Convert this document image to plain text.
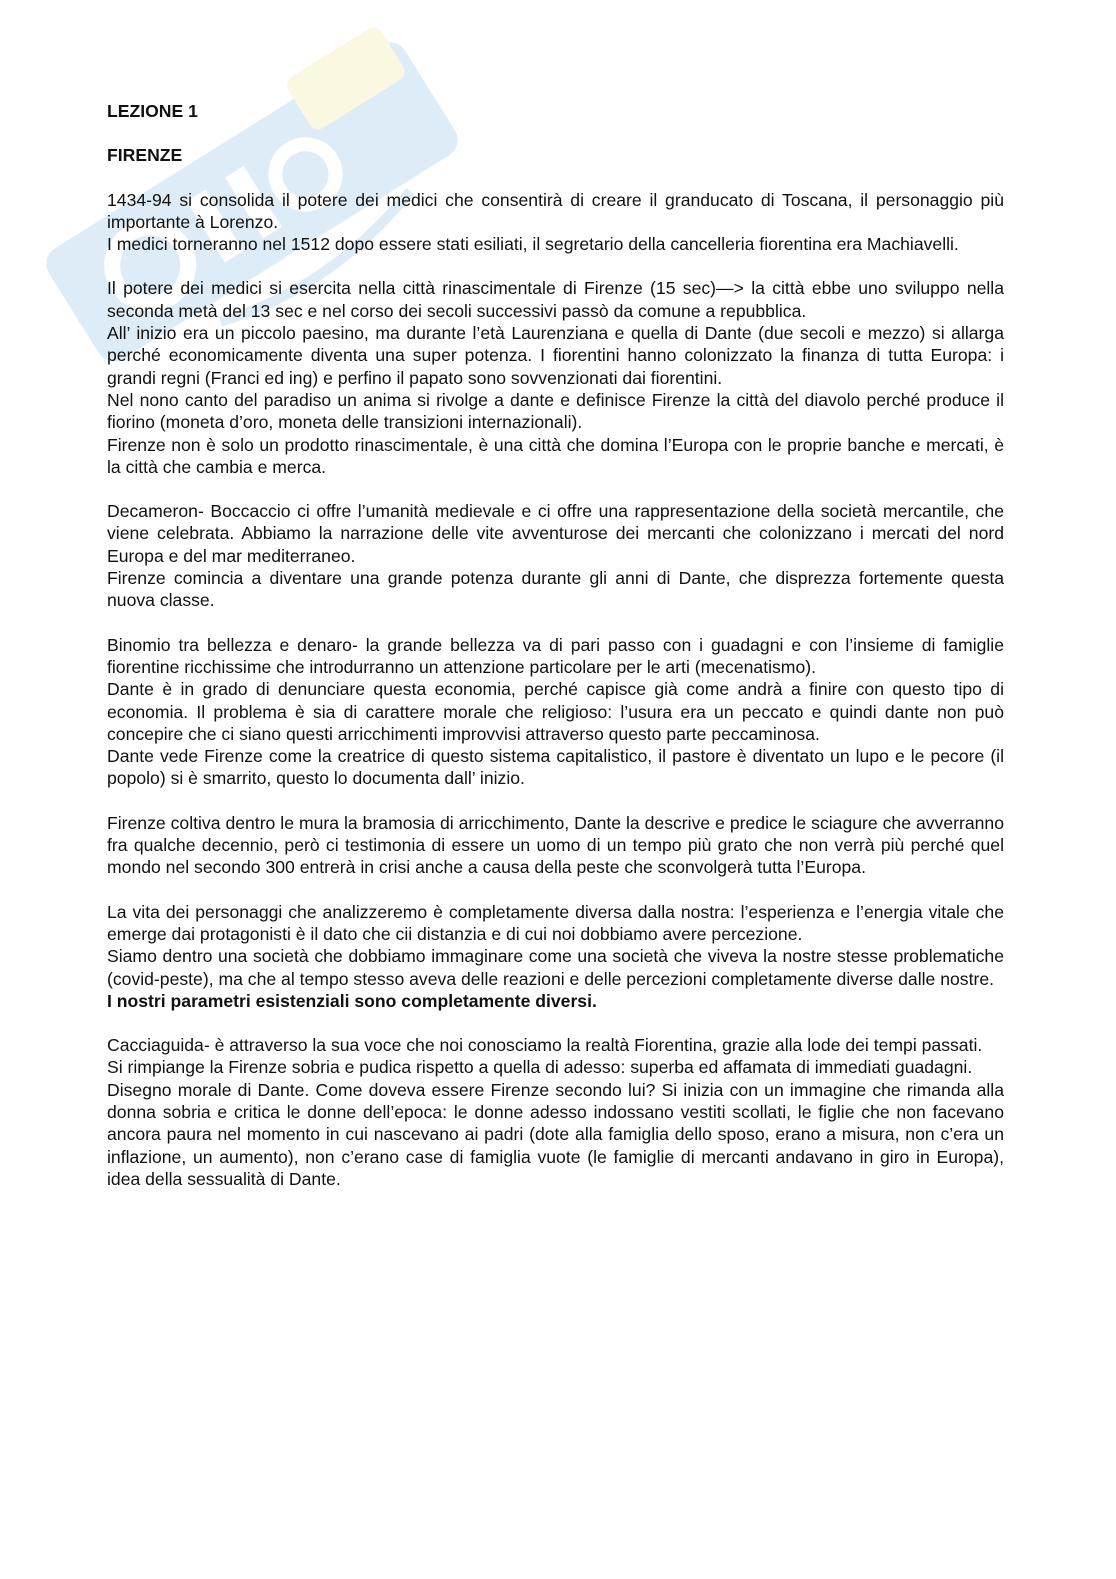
LEZIONE 1

FIRENZE

1434-94 si consolida il potere dei medici che consentirà di creare il granducato di Toscana, il personaggio più importante à Lorenzo.

I medici torneranno nel 1512 dopo essere stati esiliati, il segretario della cancelleria fiorentina era Machiavelli.

Il potere dei medici si esercita nella città rinascimentale di Firenze (15 sec)—> la città ebbe uno sviluppo nella seconda metà del 13 sec e nel corso dei secoli successivi passò da comune a repubblica.

All’ inizio era un piccolo paesino, ma durante l’età Laurenziana e quella di Dante (due secoli e mezzo) si allarga perché economicamente diventa una super potenza. I fiorentini hanno colonizzato la finanza di tutta Europa: i grandi regni (Franci ed ing) e perfino il papato sono sovvenzionati dai fiorentini.

Nel nono canto del paradiso un anima si rivolge a dante e definisce Firenze la città del diavolo perché produce il fiorino (moneta d’oro, moneta delle transizioni internazionali).

Firenze non è solo un prodotto rinascimentale, è una città che domina l’Europa con le proprie banche e mercati, è la città che cambia e merca.

Decameron- Boccaccio ci offre l’umanità medievale e ci offre una rappresentazione della società mercantile, che viene celebrata. Abbiamo la narrazione delle vite avventurose dei mercanti che colonizzano i mercati del nord Europa e del mar mediterraneo.

Firenze comincia a diventare una grande potenza durante gli anni di Dante, che disprezza fortemente questa nuova classe.

Binomio tra bellezza e denaro- la grande bellezza va di pari passo con i guadagni e con l’insieme di famiglie fiorentine ricchissime che introdurranno un attenzione particolare per le arti (mecenatismo).

Dante è in grado di denunciare questa economia, perché capisce già come andrà a finire con questo tipo di economia. Il problema è sia di carattere morale che religioso: l’usura era un peccato e quindi dante non può concepire che ci siano questi arricchimenti improvvisi attraverso questo parte peccaminosa.

Dante vede Firenze come la creatrice di questo sistema capitalistico, il pastore è diventato un lupo e le pecore (il popolo) si è smarrito, questo lo documenta dall’ inizio.

Firenze coltiva dentro le mura la bramosia di arricchimento, Dante la descrive e predice le sciagure che avverranno fra qualche decennio, però ci testimonia di essere un uomo di un tempo più grato che non verrà più perché quel mondo nel secondo 300 entrerà in crisi anche a causa della peste che sconvolgerà tutta l’Europa.

La vita dei personaggi che analizzeremo è completamente diversa dalla nostra: l’esperienza e l’energia vitale che emerge dai protagonisti è il dato che cii distanzia e di cui noi dobbiamo avere percezione.

Siamo dentro una società che dobbiamo immaginare come una società che viveva la nostre stesse problematiche (covid-peste), ma che al tempo stesso aveva delle reazioni e delle percezioni completamente diverse dalle nostre.

I nostri parametri esistenziali sono completamente diversi.

Cacciaguida- è attraverso la sua voce che noi conosciamo la realtà Fiorentina, grazie alla lode dei tempi passati.

Si rimpiange la Firenze sobria e pudica rispetto a quella di adesso: superba ed affamata di immediati guadagni.

Disegno morale di Dante. Come doveva essere Firenze secondo lui? Si inizia con un immagine che rimanda alla donna sobria e critica le donne dell’epoca: le donne adesso indossano vestiti scollati, le figlie che non facevano ancora paura nel momento in cui nascevano ai padri (dote alla famiglia dello sposo, erano a misura, non c’era un inflazione, un aumento), non c’erano case di famiglia vuote (le famiglie di mercanti andavano in giro in Europa), idea della sessualità di Dante.
